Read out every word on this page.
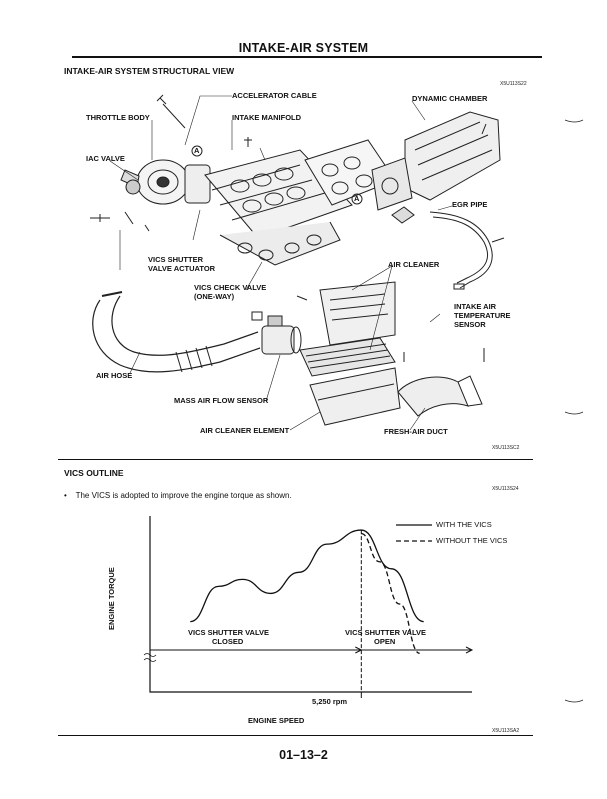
INTAKE-AIR SYSTEM
INTAKE-AIR SYSTEM STRUCTURAL VIEW
X5U113S22
A
A
ACCELERATOR CABLE	DYNAMIC CHAMBER
THROTTLE BODY	INTAKE MANIFOLD
IAC VALVE
EGR PIPE
VICS SHUTTER
VALVE ACTUATOR	AIR CLEANER
VICS CHECK VALVE
(ONE-WAY)
INTAKE AIR
TEMPERATURE
SENSOR
AIR HOSE
MASS AIR FLOW SENSOR
AIR CLEANER ELEMENT	FRESH-AIR DUCT
X5U113SC2
VICS OUTLINE
X5U113S24
• The VICS is adopted to improve the engine torque as shown.
ENGINE TORQUE
ENGINE SPEED
5,250 rpm
VICS SHUTTER VALVE
CLOSED
VICS SHUTTER VALVE
OPEN
WITH THE VICS
WITHOUT THE VICS
X5U113SA2
01–13–2
